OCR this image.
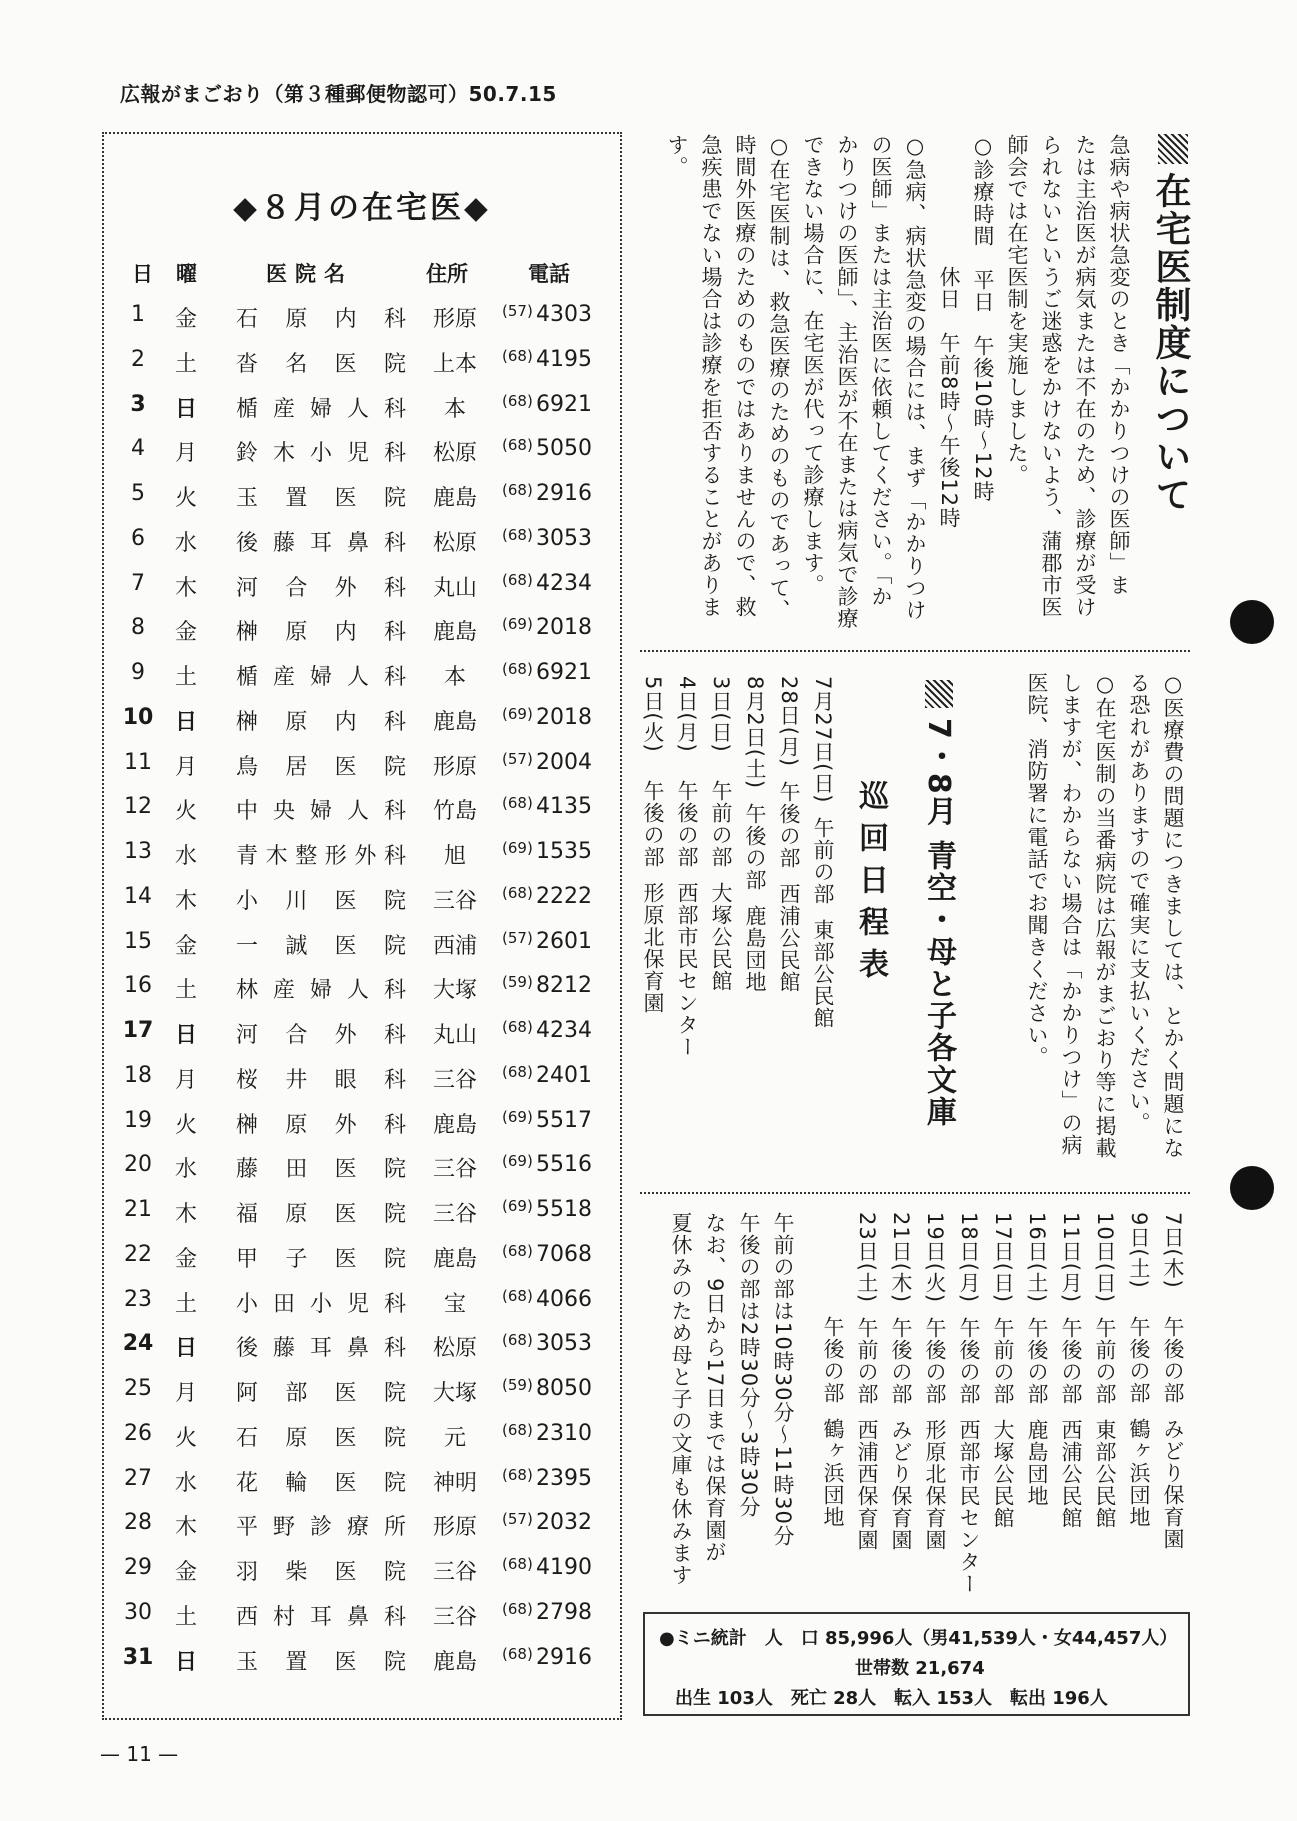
広報がまごおり（第３種郵便物認可）50.7.15
◆８月の在宅医◆
日 曜	医院名	住所	電話
1	金	石原内科	形原	(57) 4303
2	土	沓名医院	上本	(68) 4195
3	日	楯産婦人科	本	(68) 6921
4	月	鈴木小児科	松原	(68) 5050
5	火	玉置医院	鹿島	(68) 2916
6	水	後藤耳鼻科	松原	(68) 3053
7	木	河合外科	丸山	(68) 4234
8	金	榊原内科	鹿島	(69) 2018
9	土	楯産婦人科	本	(68) 6921
10 日	榊原内科	鹿島	(69) 2018
11	月	鳥居医院	形原	(57) 2004
12	火	中央婦人科	竹島	(68) 4135
13	水	青木整形外科	旭	(69) 1535
14	木	小川医院	三谷	(68) 2222
15	金	一誠医院	西浦	(57) 2601
16	土	林産婦人科	大塚	(59) 8212
17 日	河合外科	丸山	(68) 4234
18	月	桜井眼科	三谷	(68) 2401
19	火	榊原外科	鹿島	(69) 5517
20	水	藤田医院	三谷	(69) 5516
21	木	福原医院	三谷	(69) 5518
22	金	甲子医院	鹿島	(68) 7068
23	土	小田小児科	宝	(68) 4066
24 日	後藤耳鼻科	松原	(68) 3053
25	月	阿部医院	大塚	(59) 8050
26	火	石原医院	元	(68) 2310
27	水	花輪医院	神明	(68) 2395
28	木	平野診療所	形原	(57) 2032
29	金	羽柴医院	三谷	(68) 4190
30	土	西村耳鼻科	三谷	(68) 2798
31 日	玉置医院	鹿島	(68) 2916
在宅医制度について
急病や病状急変のとき「かかりつけの医師」ま
たは主治医が病気または不在のため、診療が受け
られないというご迷惑をかけないよう、蒲郡市医
師会では在宅医制を実施しました。
○診療時間　平日　午後10時～12時
　　　　　　休日　午前8時～午後12時
○急病、病状急変の場合には、まず「かかりつけ
の医師」または主治医に依頼してください。「か
かりつけの医師」、主治医が不在または病気で診療
できない場合に、在宅医が代って診療します。
○在宅医制は、救急医療のためのものであって、
時間外医療のためのものではありませんので、救
急疾患でない場合は診療を拒否することがありま
す。
○医療費の問題につきましては、とかく問題にな
る恐れがありますので確実に支払いください。
○在宅医制の当番病院は広報がまごおり等に掲載
しますが、わからない場合は「かかりつけ」の病
医院、消防署に電話でお聞きください。
7・8月 青空・母と子各文庫
巡回日程表
7月27日(日)午前の部東部公民館
28日(月)午後の部西浦公民館
8月2日(土)午後の部鹿島団地
3日(日)午前の部大塚公民館
4日(月)午後の部西部市民センター
5日(火)午後の部形原北保育園
7日(木)午後の部みどり保育園
9日(土)午後の部鶴ヶ浜団地
10日(日)午前の部東部公民館
11日(月)午後の部西浦公民館
16日(土)午後の部鹿島団地
17日(日)午前の部大塚公民館
18日(月)午後の部西部市民センター
19日(火)午後の部形原北保育園
21日(木)午後の部みどり保育園
23日(土)午前の部西浦西保育園
午後の部鶴ヶ浜団地
午前の部は10時30分～11時30分
午後の部は2時30分～3時30分
なお、9日から17日までは保育園が
夏休みのため母と子の文庫も休みます
●ミニ統計　人　口 85,996人（男41,539人・女44,457人）
世帯数 21,674
出生 103人　死亡 28人　転入 153人　転出 196人
— 11 —
